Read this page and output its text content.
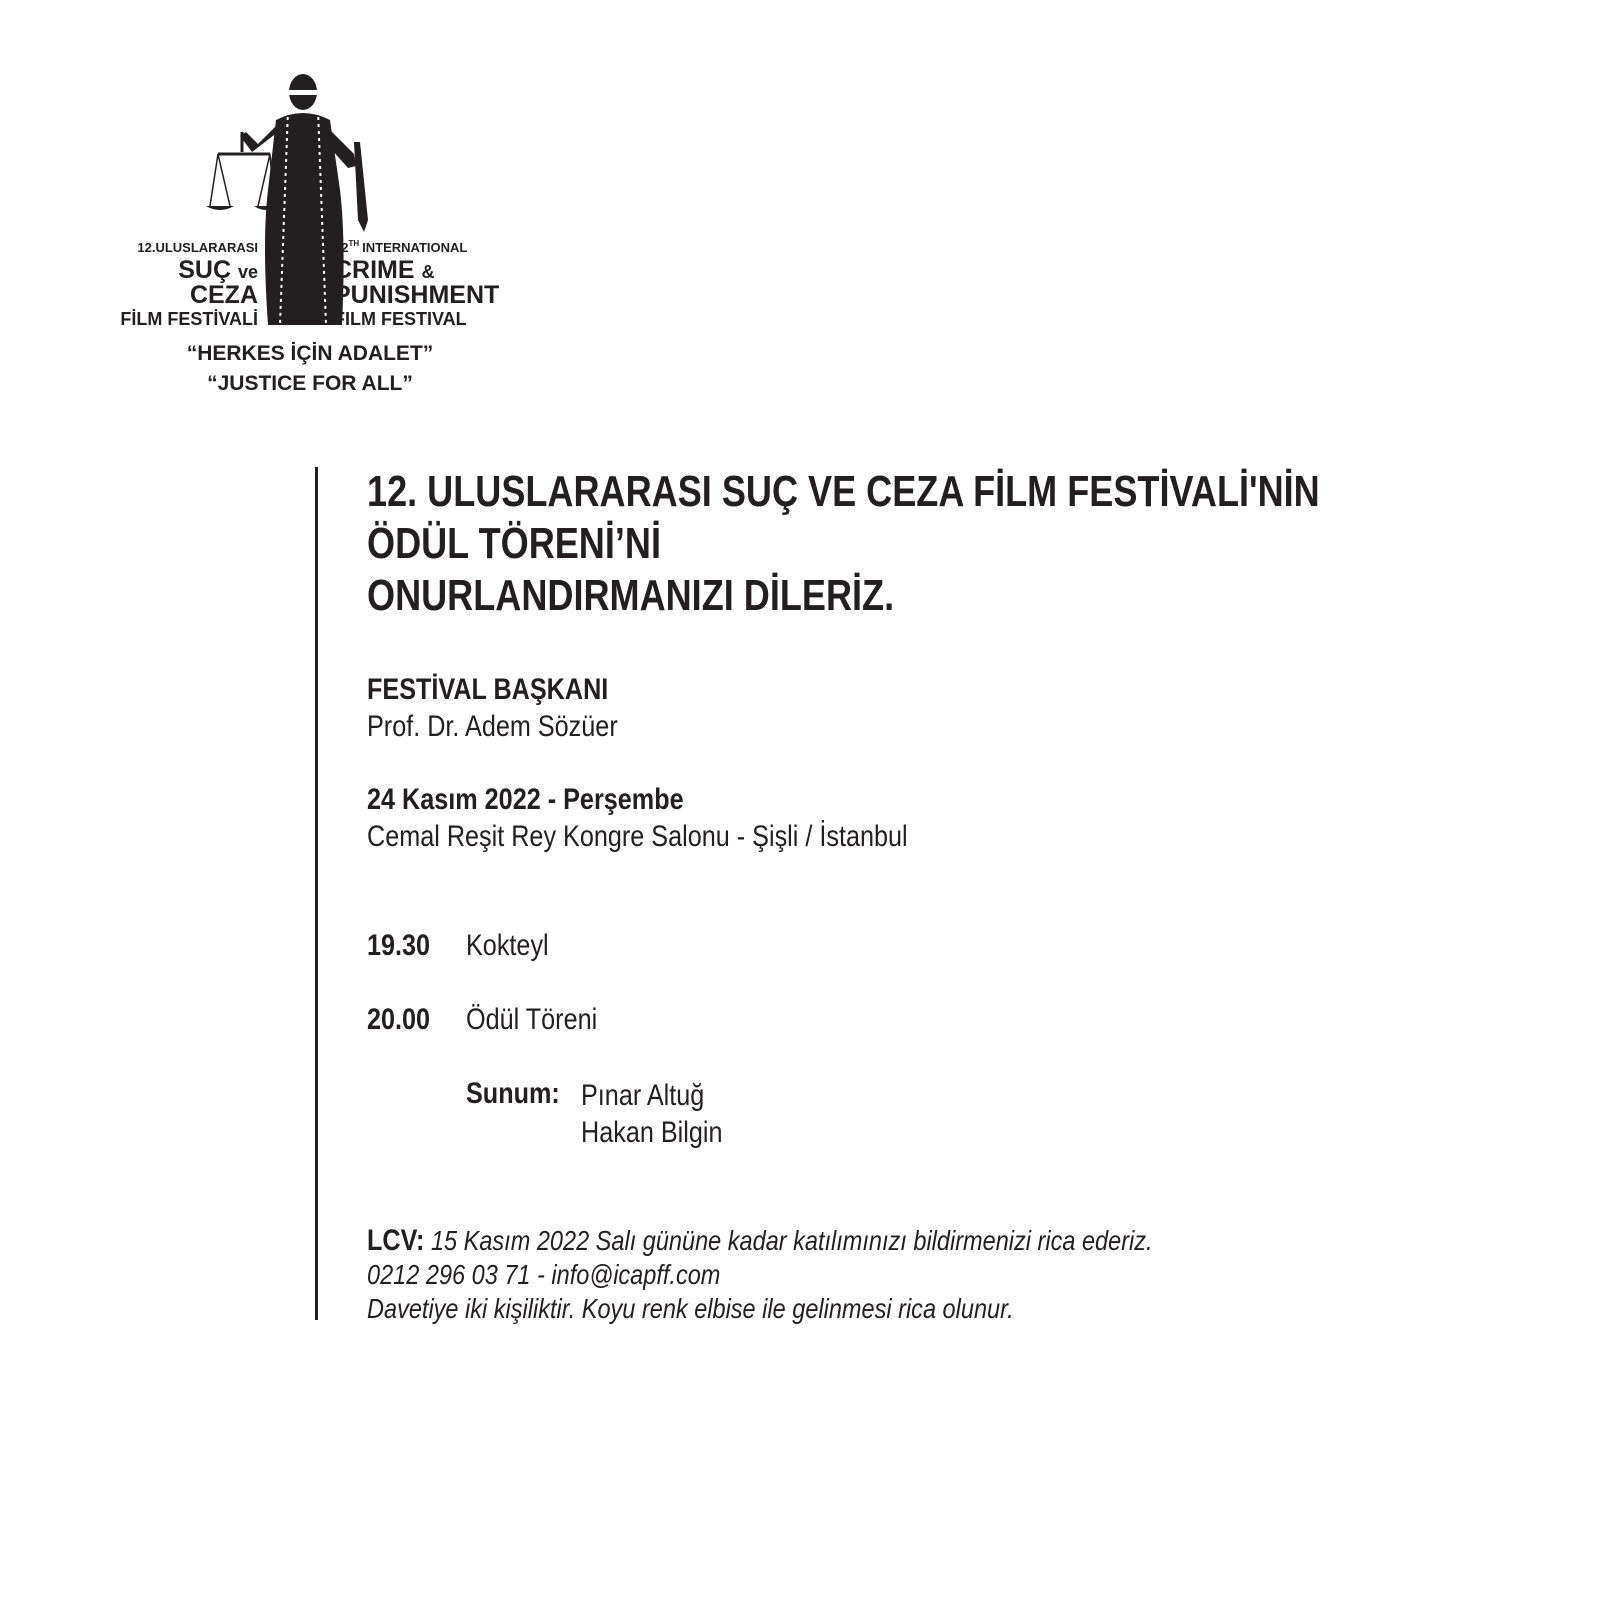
12.ULUSLARARASI
SUÇ ve
CEZA
FİLM FESTİVALİ
12TH INTERNATIONAL
CRIME &
PUNISHMENT
FILM FESTIVAL
“HERKES İÇİN ADALET”
“JUSTICE FOR ALL”
12. ULUSLARARASI SUÇ VE CEZA FİLM FESTİVALİ'NİN
ÖDÜL TÖRENİ’Nİ
ONURLANDIRMANIZI DİLERİZ.
FESTİVAL BAŞKANI
Prof. Dr. Adem Sözüer
24 Kasım 2022 - Perşembe
Cemal Reşit Rey Kongre Salonu - Şişli / İstanbul
19.30 Kokteyl
20.00 Ödül Töreni
Sunum: Pınar Altuğ
Hakan Bilgin
LCV: 15 Kasım 2022 Salı gününe kadar katılımınızı bildirmenizi rica ederiz.
0212 296 03 71 - info@icapff.com
Davetiye iki kişiliktir. Koyu renk elbise ile gelinmesi rica olunur.
